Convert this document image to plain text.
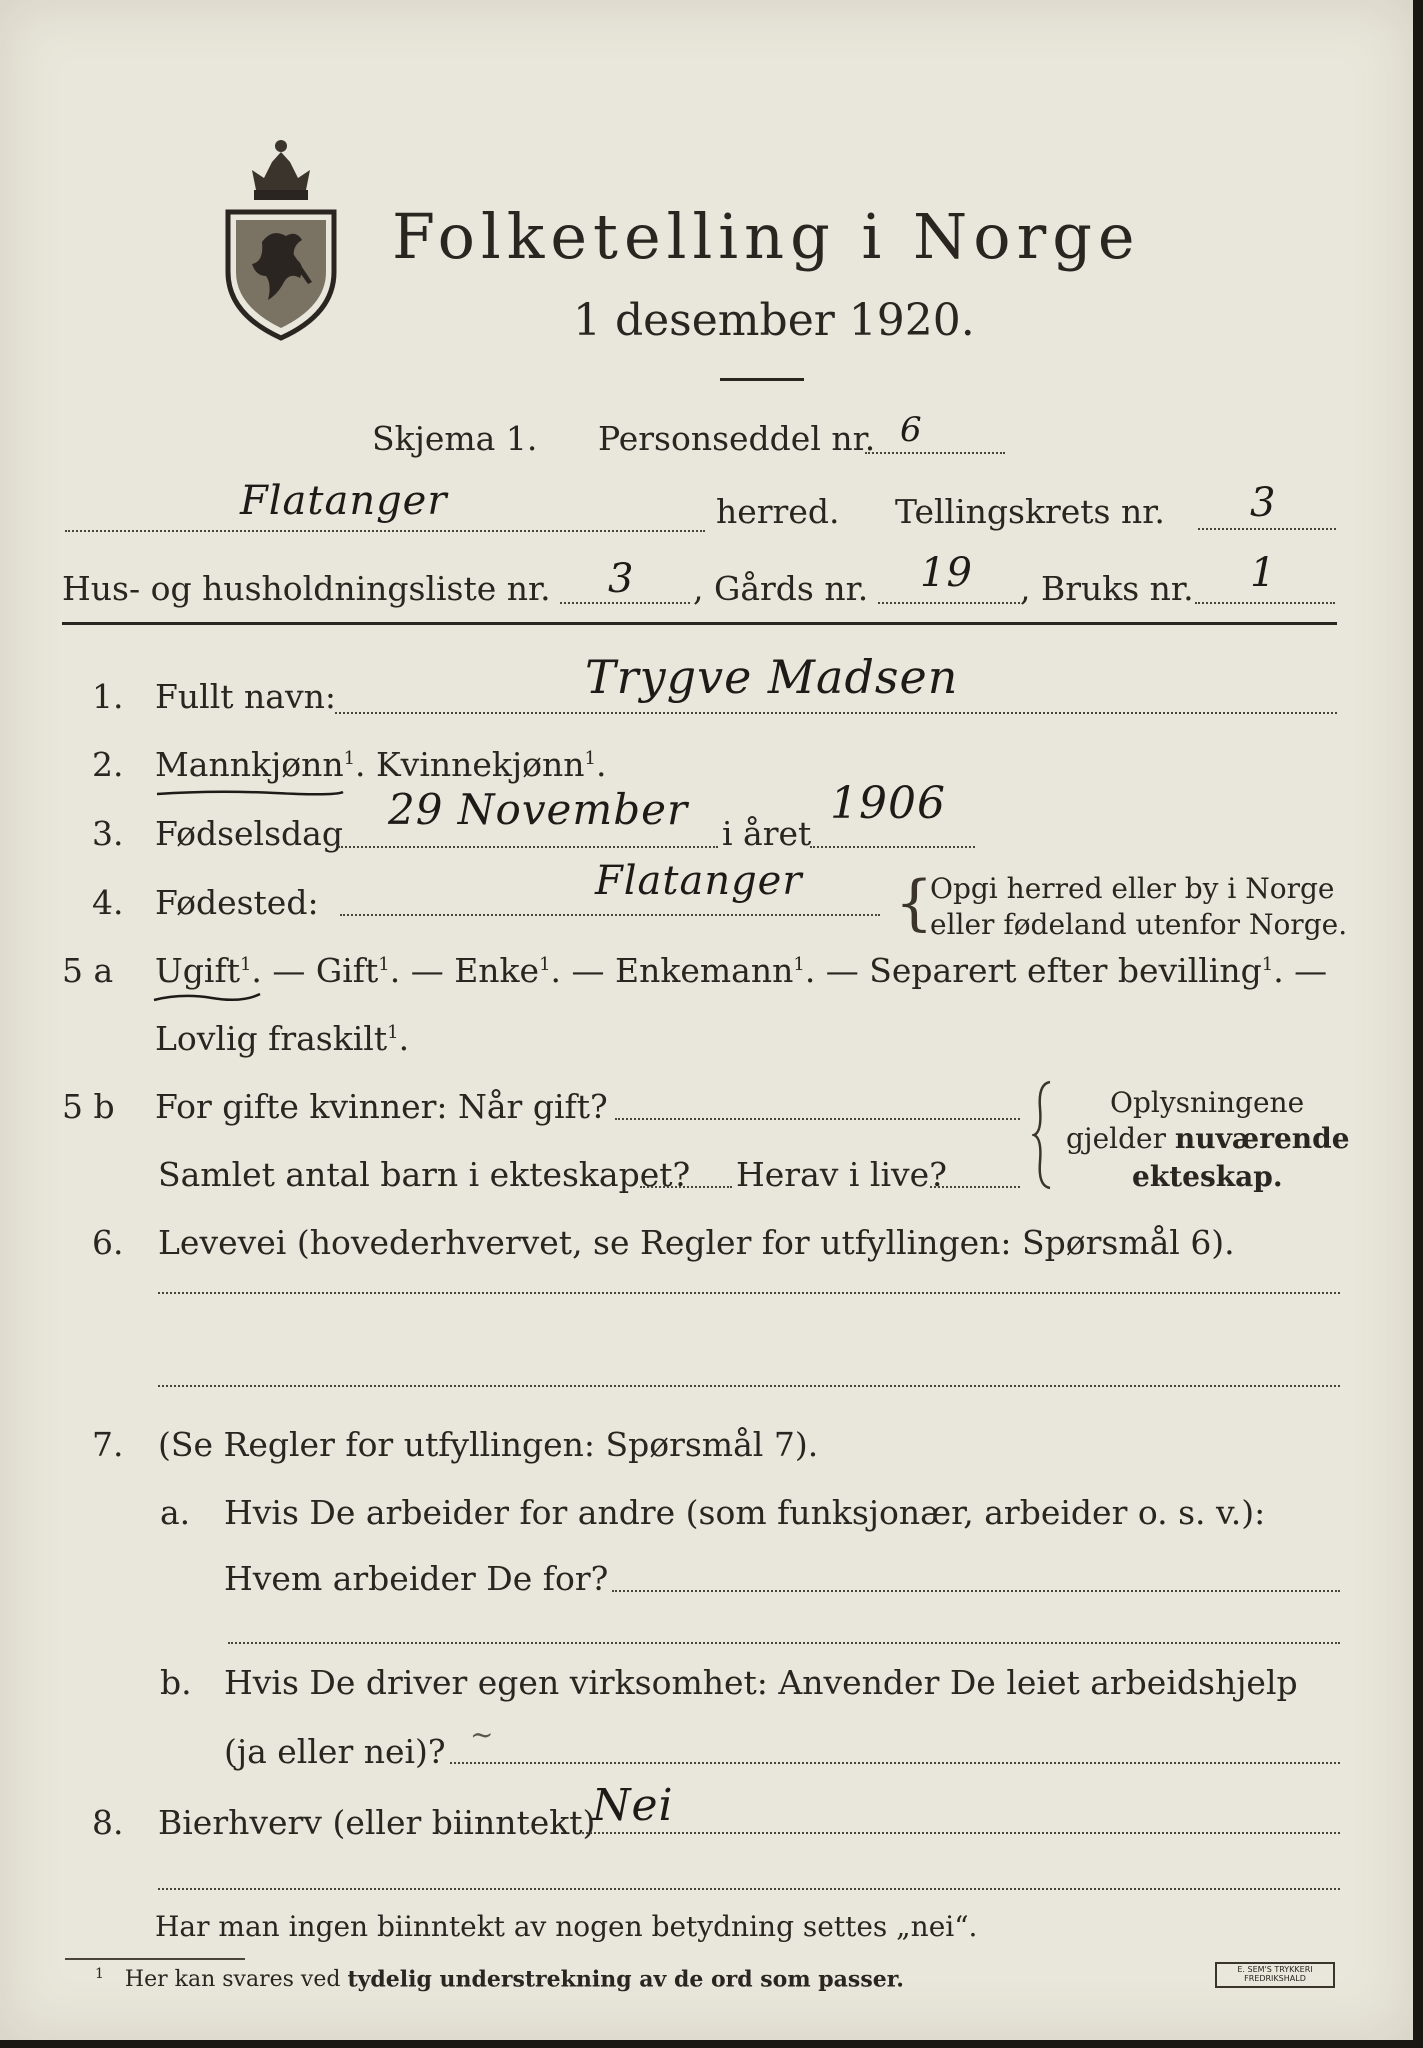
Folketelling i Norge
1 desember 1920.
Skjema 1. Personseddel nr. 6
Flatanger	herred. Tellingskrets nr. 3
Hus- og husholdningsliste nr. 3 , Gårds nr. 19 , Bruks nr. 1
1. Fullt navn:	Trygve Madsen
2. Mannkjønn$^1$. Kvinnekjønn$^1$.
3. Fødselsdag 29 November i året
1906
4. Fødested:	Flatanger {
Opgi herred eller by i Norge
eller fødeland utenfor Norge.
5 a Ugift$^1$. — Gift$^1$. — Enke$^1$. — Enkemann$^1$. — Separert efter bevilling$^1$. —
Lovlig fraskilt$^1$.
5 b For gifte kvinner: Når gift?
Samlet antal barn i ekteskapet? Herav i live?
Oplysningene
gjelder nuværende
ekteskap.
6. Levevei (hovederhvervet, se Regler for utfyllingen: Spørsmål 6).
7. (Se Regler for utfyllingen: Spørsmål 7).
a. Hvis De arbeider for andre (som funksjonær, arbeider o. s. v.):
Hvem arbeider De for?
b. Hvis De driver egen virksomhet: Anvender De leiet arbeidshjelp
(ja eller nei)? ~
8. Bierhverv (eller biinntekt)
Nei
Har man ingen biinntekt av nogen betydning settes „nei“.
$^1$ Her kan svares ved tydelig understrekning av de ord som passer.	E. SEM'S TRYKKERI
FREDRIKSHALD
